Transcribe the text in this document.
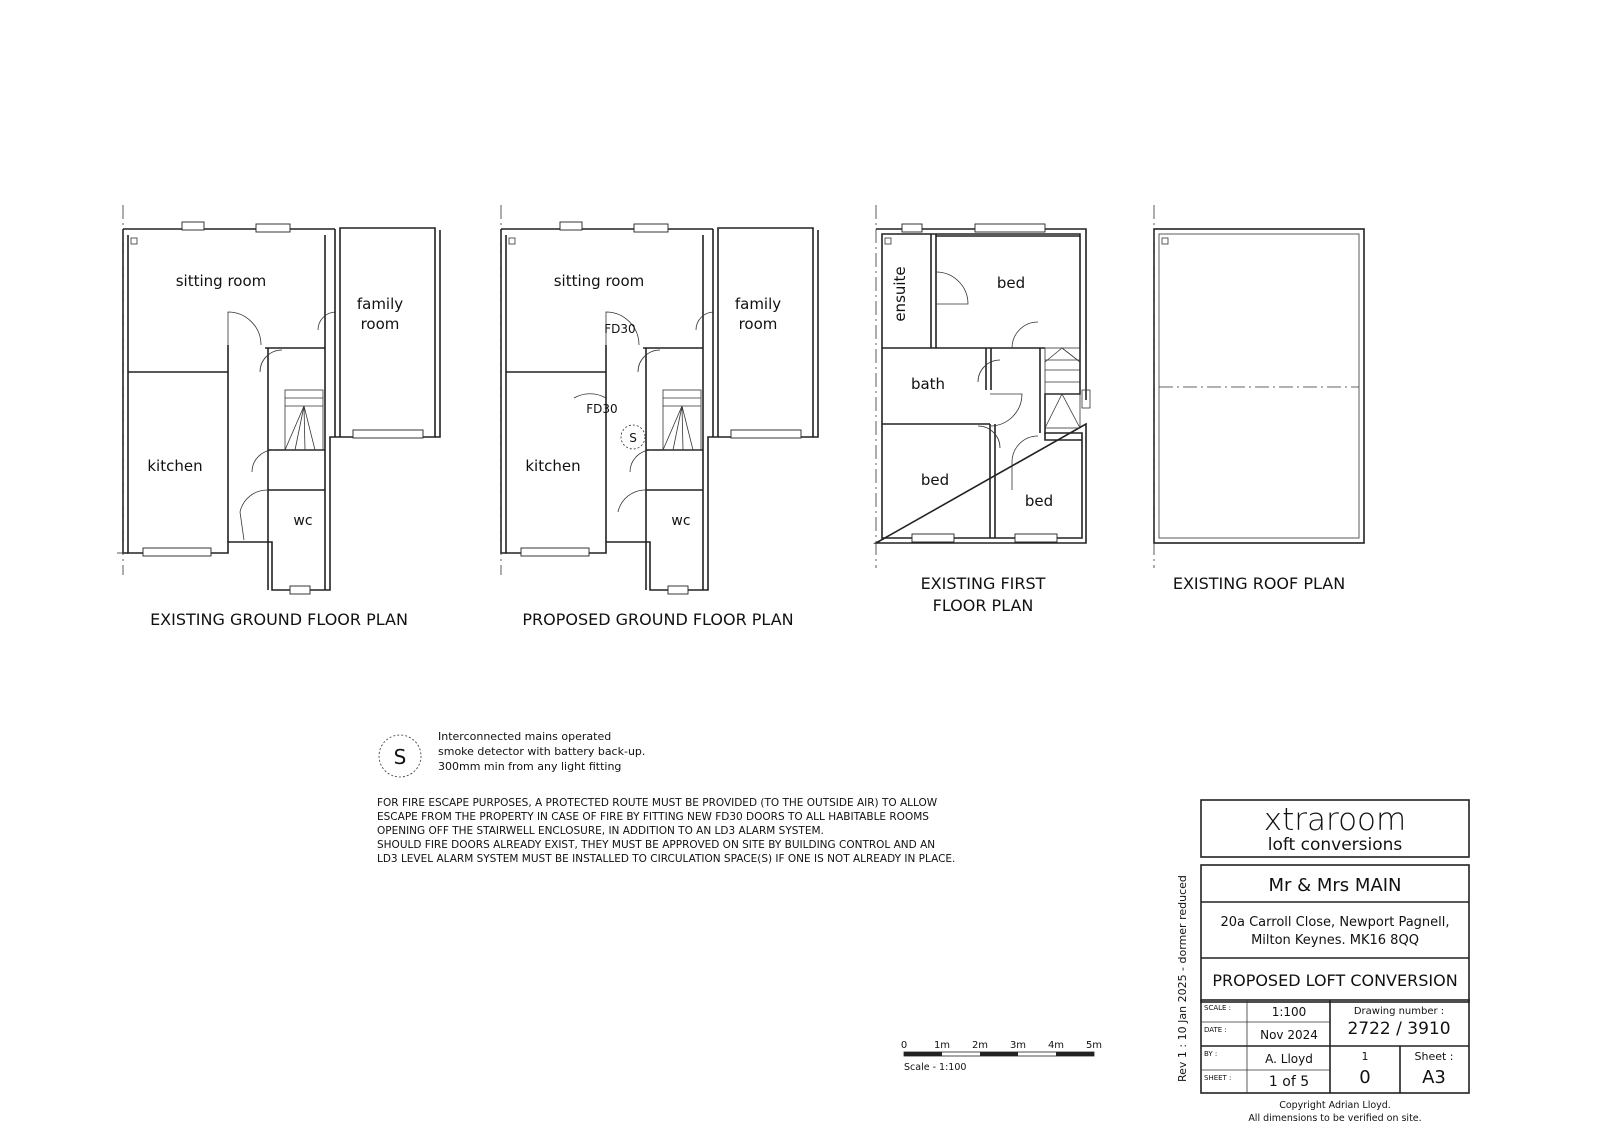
sitting room
family
room
kitchen
wc
EXISTING GROUND FLOOR PLAN
S
FD30
FD30
sitting room
family
room
kitchen
wc
PROPOSED GROUND FLOOR PLAN
ensuite	bed
bath
bed
bed
EXISTING FIRST
FLOOR PLAN
EXISTING ROOF PLAN
S
Interconnected mains operated
smoke detector with battery back-up.
300mm min from any light fitting
FOR FIRE ESCAPE PURPOSES, A PROTECTED ROUTE MUST BE PROVIDED (TO THE OUTSIDE AIR) TO ALLOW
ESCAPE FROM THE PROPERTY IN CASE OF FIRE BY FITTING NEW FD30 DOORS TO ALL HABITABLE ROOMS
OPENING OFF THE STAIRWELL ENCLOSURE, IN ADDITION TO AN LD3 ALARM SYSTEM.
SHOULD FIRE DOORS ALREADY EXIST, THEY MUST BE APPROVED ON SITE BY BUILDING CONTROL AND AN
LD3 LEVEL ALARM SYSTEM MUST BE INSTALLED TO CIRCULATION SPACE(S) IF ONE IS NOT ALREADY IN PLACE.
0	1m 2m 3m 4m 5m
Scale - 1:100	Rev 1 : 10 Jan 2025 - dormer reduced
xtraroom
loft conversions
Mr & Mrs MAIN
20a Carroll Close, Newport Pagnell,
Milton Keynes. MK16 8QQ
PROPOSED LOFT CONVERSION
SCALE :	1:100
DATE :	Nov 2024
BY :	A. Lloyd
SHEET :	1 of 5
Drawing number :
2722 / 3910
1
0
Sheet :
A3
Copyright Adrian Lloyd.
All dimensions to be verified on site.
